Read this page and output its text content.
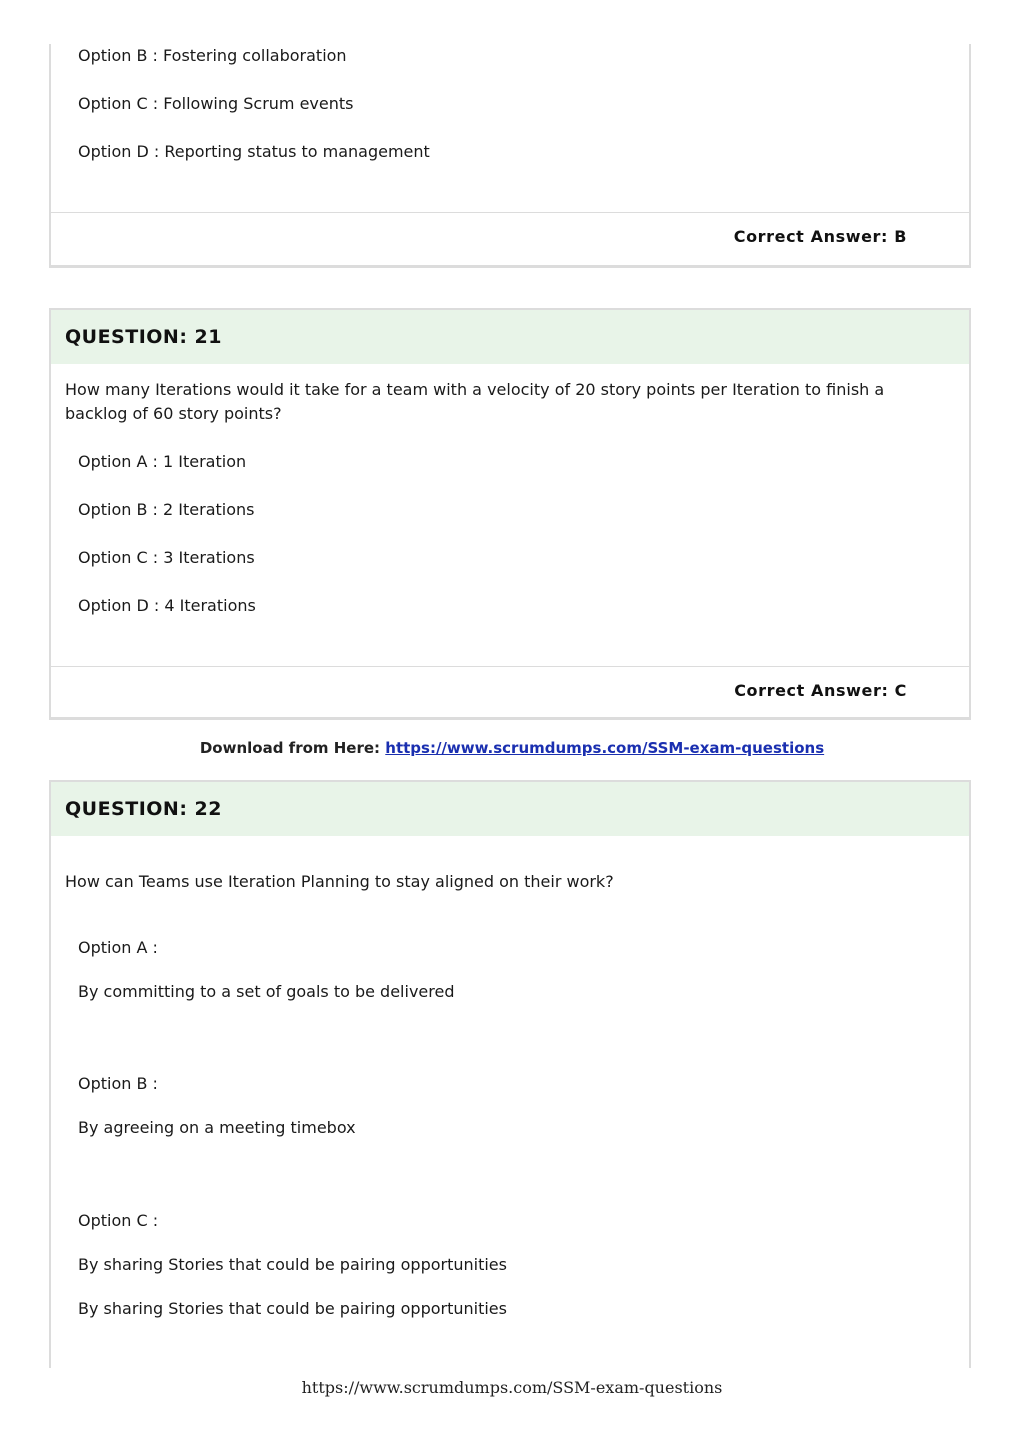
Option B : Fostering collaboration
Option C : Following Scrum events
Option D : Reporting status to management
Correct Answer: B
QUESTION: 21
How many Iterations would it take for a team with a velocity of 20 story points per Iteration to finish a backlog of 60 story points?
Option A : 1 Iteration
Option B : 2 Iterations
Option C : 3 Iterations
Option D : 4 Iterations
Correct Answer: C
Download from Here: https://www.scrumdumps.com/SSM-exam-questions
QUESTION: 22
How can Teams use Iteration Planning to stay aligned on their work?
Option A :
By committing to a set of goals to be delivered
Option B :
By agreeing on a meeting timebox
Option C :
By sharing Stories that could be pairing opportunities
By sharing Stories that could be pairing opportunities
https://www.scrumdumps.com/SSM-exam-questions
